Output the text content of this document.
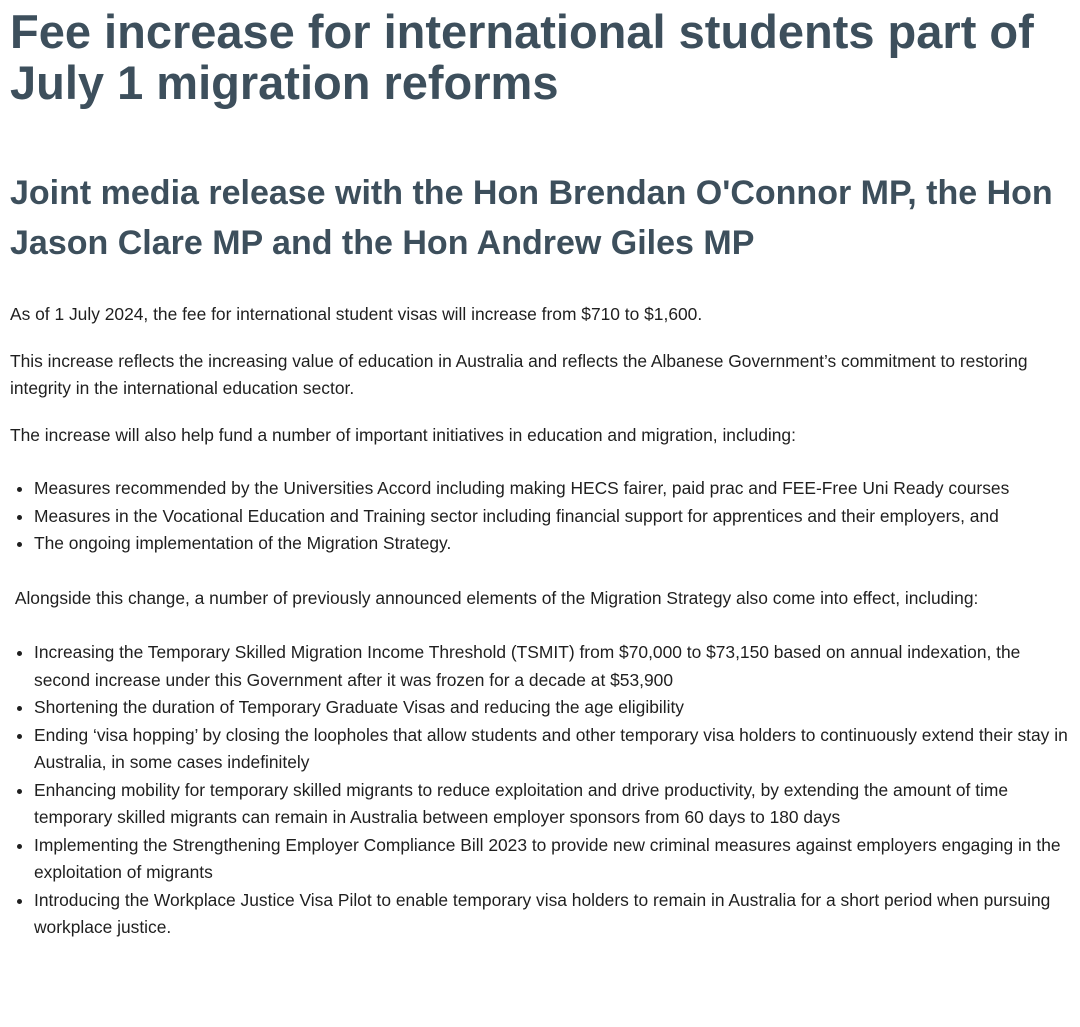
Fee increase for international students part of July 1 migration reforms
Joint media release with the Hon Brendan O'Connor MP, the Hon Jason Clare MP and the Hon Andrew Giles MP

As of 1 July 2024, the fee for international student visas will increase from $710 to $1,600.

This increase reflects the increasing value of education in Australia and reflects the Albanese Government’s commitment to restoring integrity in the international education sector.

The increase will also help fund a number of important initiatives in education and migration, including:

• Measures recommended by the Universities Accord including making HECS fairer, paid prac and FEE-Free Uni Ready courses
• Measures in the Vocational Education and Training sector including financial support for apprentices and their employers, and
• The ongoing implementation of the Migration Strategy.

Alongside this change, a number of previously announced elements of the Migration Strategy also come into effect, including:

• Increasing the Temporary Skilled Migration Income Threshold (TSMIT) from $70,000 to $73,150 based on annual indexation, the second increase under this Government after it was frozen for a decade at $53,900
• Shortening the duration of Temporary Graduate Visas and reducing the age eligibility
• Ending ‘visa hopping’ by closing the loopholes that allow students and other temporary visa holders to continuously extend their stay in Australia, in some cases indefinitely
• Enhancing mobility for temporary skilled migrants to reduce exploitation and drive productivity, by extending the amount of time temporary skilled migrants can remain in Australia between employer sponsors from 60 days to 180 days
• Implementing the Strengthening Employer Compliance Bill 2023 to provide new criminal measures against employers engaging in the exploitation of migrants
• Introducing the Workplace Justice Visa Pilot to enable temporary visa holders to remain in Australia for a short period when pursuing workplace justice.
